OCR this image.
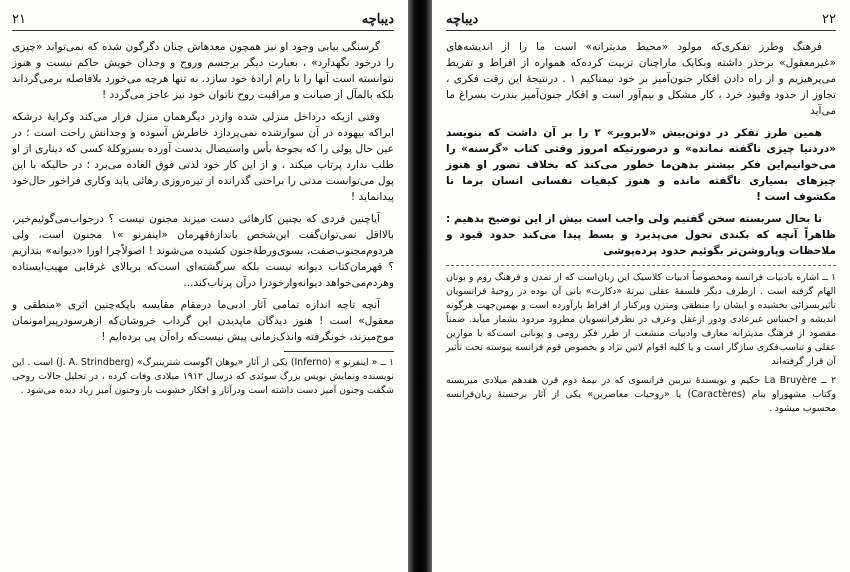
۲۱	دیباچه

گرسنگی بیابی وجود او نیز همچون معدهاش چنان دگرگون شده که نمی‌تواند «چیزی را درخود نگهدارد» ، بعبارت دیگر برجسم وروح و وجدان خویش حاکم نیست و هنوز نتوانسته است آنها را با رام ارادهٔ خود سازد. نه تنها هرچه می‌خورد بلافاصله برمی‌گرداند بلکه بالمآل از صیانت و مراقبت روح ناتوان خود نیز عاجز می‌گردد !

وقتی ازیکه درداخل منزلی شده وازدر دیگرهمان منزل فرار می‌کند وکرایهٔ درشکه ایراکه بیهوده در آن سوارشده نمی‌پردازد خاطرش آسوده و وجدانش راحت است ؛ در عین حال پولی را که بجوجهٔ بأس واستیصال بدست آورده بسروکلهٔ کسی که دیناری از او طلب ندارد پرتاب میکند ، و از این کار خود لذتی فوق العاده می‌برد ؛ در حالیکه با این پول می‌توانست مدتی را براحتی گذرانده از تیره‌روزی رهائی یابد وکاری فراخور حال‌خود پیدانماید !

آیاچنین فردی که بچنین کارهائی دست میزند مجنون نیست ؟ درجواب‌می‌گوئیم‌خیر، بالااقل نمی‌توان‌گفت این‌شخص باندازهٔ‌قهرمان «اینفرنو »۱ مجنون است، ولی هردوم‌مجنوب‌صفت، بسوی‌ورطهٔ‌جنون کشیده می‌شوند ! اصولاً‌چرا اورا «دیوانه» بنداریم ؟ قهرمان‌کتاب دیوانه نیست بلکه سرگشته‌ای است‌که بربالای غرقابی مهیب‌ایستاده وهردم‌می‌خواهد دیوانه‌وارخودرا درآن پرتاب‌کند...

آنچه تاچه اندازه تمامی آثار ادبی‌ما درمقام مقایسه باپکه‌چنین اثری «منطقی و معقول» است ! هنوز دیدگان ماپدیدن این گرداب خروشان‌که ازهرسودرپیرامونمان موج‌میزند، خونگرفته وانذک‌زمانی پیش نیست‌که راه‌آن پی‌ برده‌ایم !

۱ ــ « اینفرنو » (Inferno) یکی از آثار «یوهان اگوست شترینبرگ» (J. A. Strindberg) است . این نویسنده ونمایش نویس بزرگ سوئدی که درسال ۱۹۱۲ میلادی وفات کرده ، در تحلیل حالات روحی شگفت وجنون آمیز دست داشته است ودرآثار و افکار خشونت بار وجنون آمیز زیاد دیده می‌شود .

دیباچه	۲۲

فرهنگ وطرز تفکری‌که مولود «محیط مدیترانه» است ما را از اندیشه‌های «غیرمعقول» برحذر داشته وبکایک ماراچنان تربیت کرده‌که همواره از افراط و تفریط می‌پرهیزیم و از راه دادن افکار جنون‌آمیز بر خود بیمناکیم ۱ . درنتیجهٔ این رقت فکری ، تجاوز از حدود وقیود خرد ، کار مشکل و بیم‌آور است و افکار جنون‌آمیز بندرت بسراغ ما می‌آید

همین طرز تفکر در دوتن‌بیش «لابرویر» ۲ را بر آن داشت که بنویسد «دردنیا چیزی ناگفته نمانده» و درصورتیکه امروز وقتی کتاب «گرسنه» را می‌خوانیم‌این فکر بیشتر بذهن‌ما خطور می‌کند که بخلاف تصور او هنوز چیزهای بسیاری ناگفته مانده و هنوز کیفیات نفسانی انسان برما نا مکشوف است !

تا بحال سربسته سخن گفتیم ولی واجب است بیش از این توضیح بدهیم : ظاهراً آنچه که بکندی تحول می‌پذیرد و بسط پیدا می‌کند حدود قیود و ملاحظات وپاروشن‌تر بگوئیم حدود پرده‌پوشی

۱ ــ اشاره بادبیات فرانسه ومخصوصاً ادبیات کلاسیک این زبان‌است که از تمدن و فرهنگ روم و یونان الهام گرفته است . ازطرف دیگر فلسفهٔ عقلی نیرتهٔ «دکارت» بانی آن بوده در روحیهٔ فرانسویان تأثیربسزائی بخشیده و ایشان را منطقی ومتزن وبرکنار از افراط بارآورده است و بهمین‌جهت هرگونه اندیشه و احساس غیرعادی ودور ازعقل وعرف در نظرفرانسویان مطرود مردود بشمار میآید. ضمناً مقصود از فرهنگ مدیترانه معارف وادبیات منشعب از طرز فکر رومی و یونانی است‌که با موازین عقلی و تناسب‌فکری سازگار است و یا کلیه اقوام لاتین نژاد و بخصوص قوم فرانسه پیوسته تحت تأثیر آن قرار گرفته‌اند

۲ ــ La Bruyère حکیم و نویسندهٔ تیزبین فرانسوی که در نیمهٔ دوم قرن هفدهم میلادی میزیسته وکتاب مشهوراو بنام (Caractères) یا «روحیات معاصرین» یکی از آثار برجستهٔ زبان‌فرانسه محسوب میشود .
